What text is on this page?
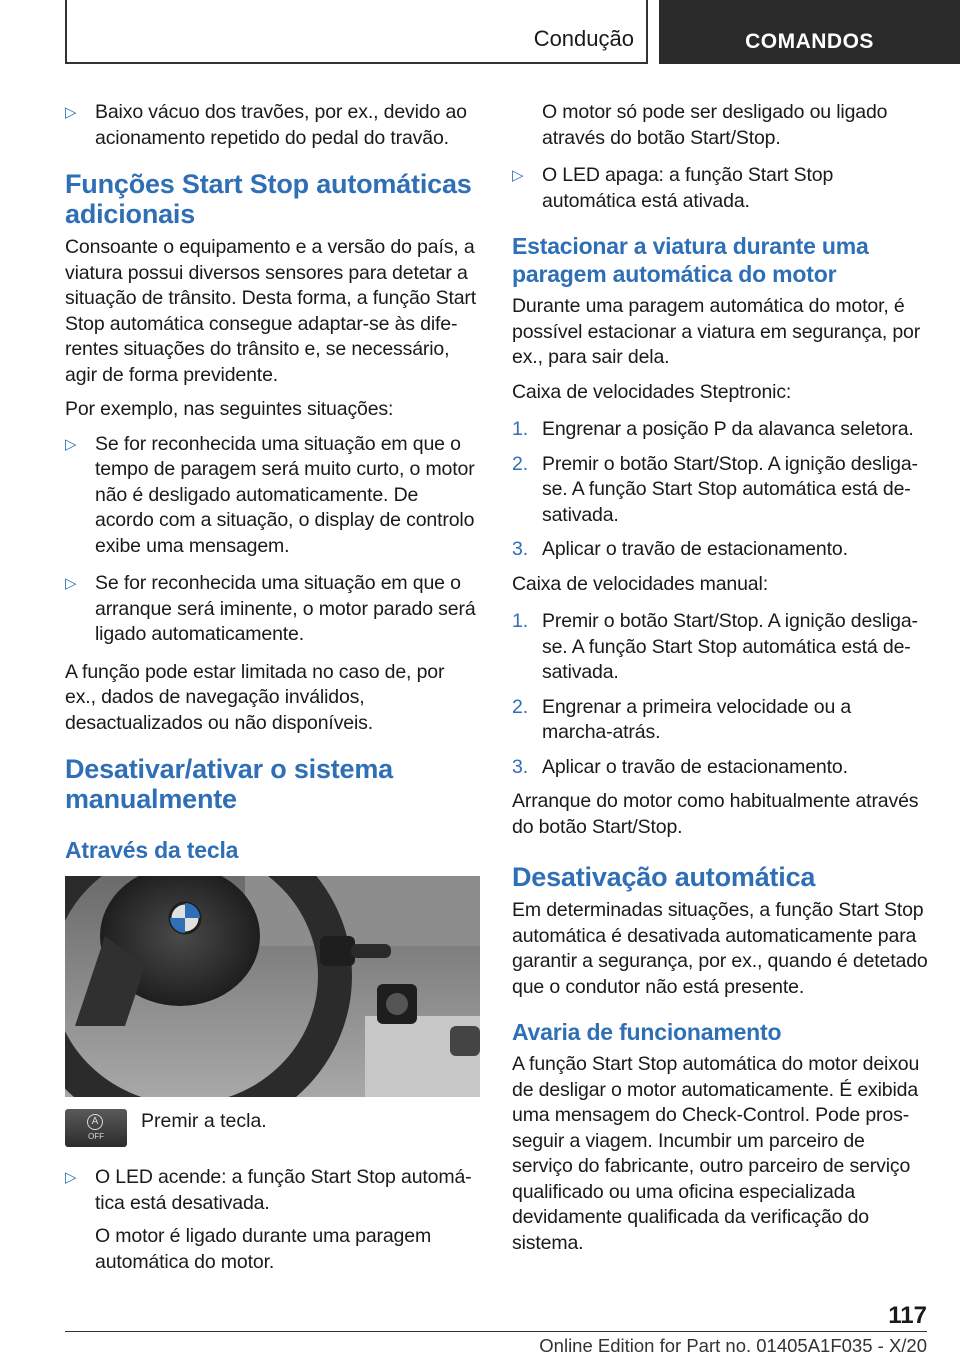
Condução	COMANDOS
▷ Baixo vácuo dos travões, por ex., devido ao acionamento repetido do pedal do travão.
Funções Start Stop automáticas adicionais
Consoante o equipamento e a versão do país, a viatura possui diversos sensores para detetar a situação de trânsito. Desta forma, a função Start Stop automática consegue adaptar-se às diferentes situações do trânsito e, se necessário, agir de forma previdente.
Por exemplo, nas seguintes situações:
▷ Se for reconhecida uma situação em que o tempo de paragem será muito curto, o motor não é desligado automaticamente. De acordo com a situação, o display de controlo exibe uma mensagem.
▷ Se for reconhecida uma situação em que o arranque será iminente, o motor parado será ligado automaticamente.
A função pode estar limitada no caso de, por ex., dados de navegação inválidos, desactualizados ou não disponíveis.
Desativar/ativar o sistema manualmente
Através da tecla
A
OFF
Premir a tecla.
▷ O LED acende: a função Start Stop automática está desativada.
O motor é ligado durante uma paragem automática do motor.
O motor só pode ser desligado ou ligado através do botão Start/Stop.
▷ O LED apaga: a função Start Stop automática está ativada.
Estacionar a viatura durante uma paragem automática do motor
Durante uma paragem automática do motor, é possível estacionar a viatura em segurança, por ex., para sair dela.
Caixa de velocidades Steptronic:
1. Engrenar a posição P da alavanca seletora.
2. Premir o botão Start/Stop. A ignição desliga-se. A função Start Stop automática está desativada.
3. Aplicar o travão de estacionamento.
Caixa de velocidades manual:
1. Premir o botão Start/Stop. A ignição desliga-se. A função Start Stop automática está desativada.
2. Engrenar a primeira velocidade ou a marcha-atrás.
3. Aplicar o travão de estacionamento.
Arranque do motor como habitualmente através do botão Start/Stop.
Desativação automática
Em determinadas situações, a função Start Stop automática é desativada automaticamente para garantir a segurança, por ex., quando é detetado que o condutor não está presente.
Avaria de funcionamento
A função Start Stop automática do motor deixou de desligar o motor automaticamente. É exibida uma mensagem do Check-Control. Pode prosseguir a viagem. Incumbir um parceiro de serviço do fabricante, outro parceiro de serviço qualificado ou uma oficina especializada devidamente qualificada da verificação do sistema.
117
Online Edition for Part no. 01405A1F035 - X/20
